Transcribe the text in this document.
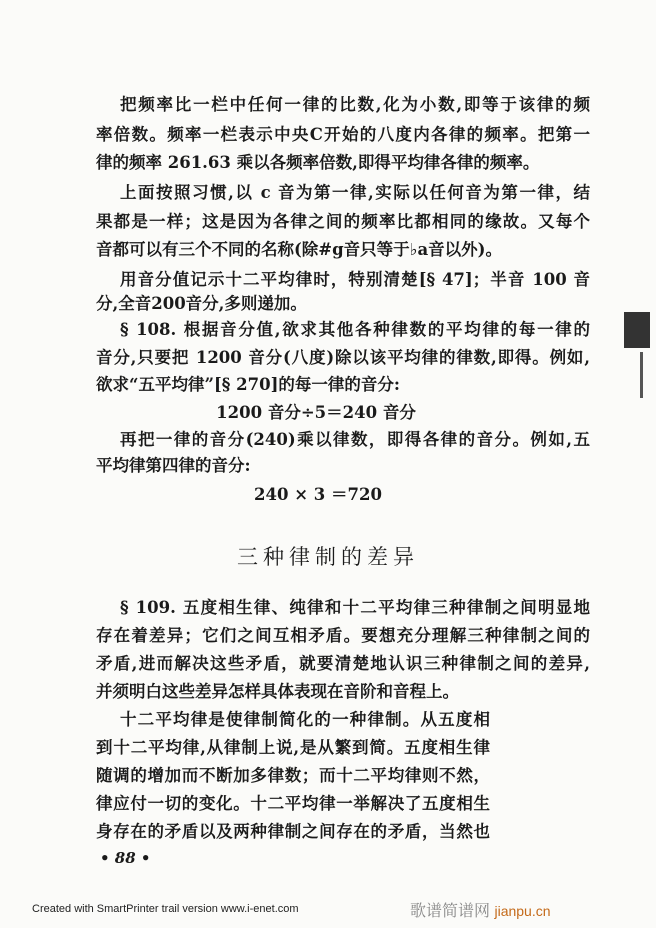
把频率比一栏中任何一律的比数,化为小数,即等于该律的频
率倍数。频率一栏表示中央C开始的八度内各律的频率。把第一
律的频率 261.63 乘以各频率倍数,即得平均律各律的频率。
上面按照习惯,以 c 音为第一律,实际以任何音为第一律，结
果都是一样；这是因为各律之间的频率比都相同的缘故。又每个
音都可以有三个不同的名称(除#g音只等于♭a音以外)。
用音分值记示十二平均律时，特别清楚[§ 47]；半音 100 音
分,全音200音分,多则递加。
§ 108. 根据音分值,欲求其他各种律数的平均律的每一律的
音分,只要把 1200 音分(八度)除以该平均律的律数,即得。例如,
欲求“五平均律”[§ 270]的每一律的音分:
1200 音分÷5＝240 音分
再把一律的音分(240)乘以律数，即得各律的音分。例如,五
平均律第四律的音分:
240 × 3 ＝720
三种律制的差异
§ 109. 五度相生律、纯律和十二平均律三种律制之间明显地
存在着差异；它们之间互相矛盾。要想充分理解三种律制之间的
矛盾,进而解决这些矛盾，就要清楚地认识三种律制之间的差异,
并须明白这些差异怎样具体表现在音阶和音程上。
十二平均律是使律制简化的一种律制。从五度相
到十二平均律,从律制上说,是从繁到简。五度相生律
随调的增加而不断加多律数；而十二平均律则不然，
律应付一切的变化。十二平均律一举解决了五度相生
身存在的矛盾以及两种律制之间存在的矛盾，当然也
• 88 •
Created with SmartPrinter trail version www.i-enet.com	歌谱简谱网 jianpu.cn
